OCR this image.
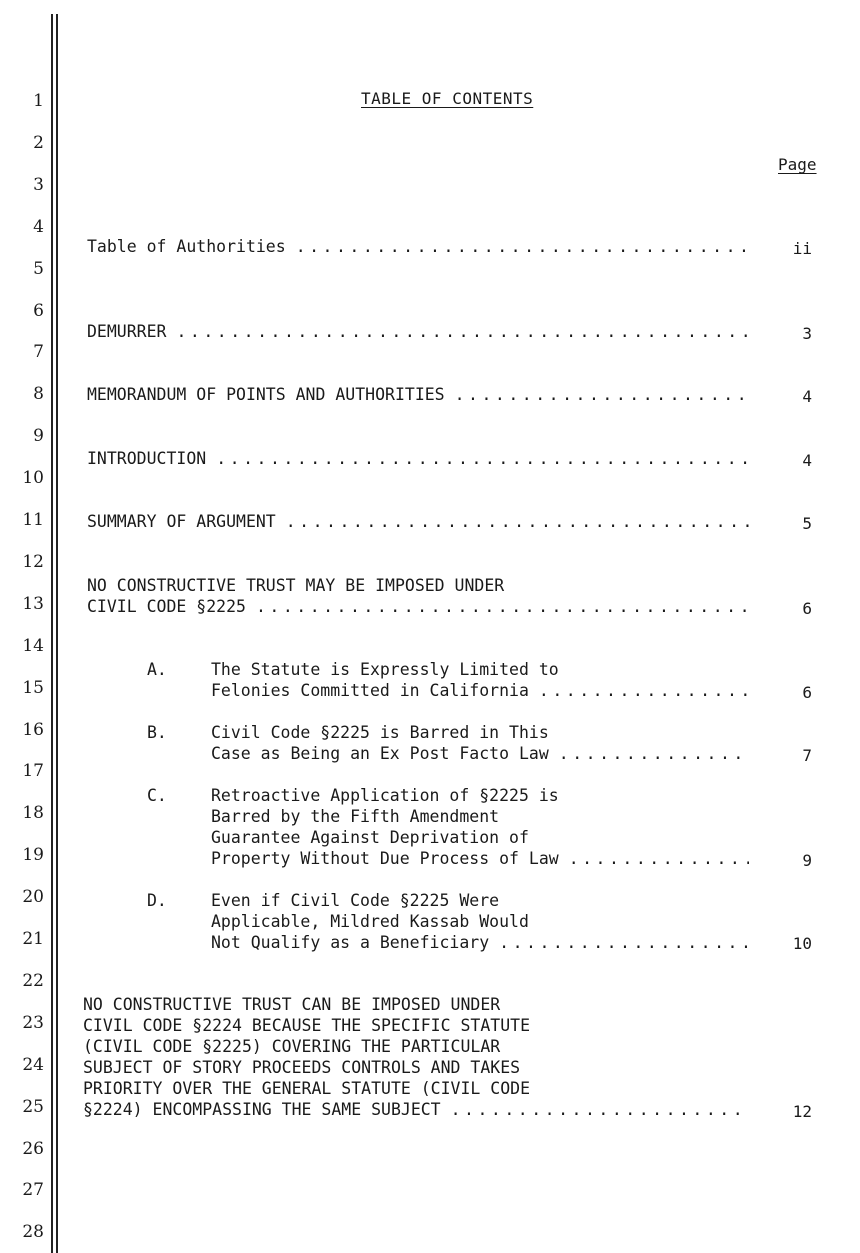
1
2
3
4
5
6
7
8
9
10
11
12
13
14
15
16
17
18
19
20
21
22
23
24
25
26
27
28
TABLE OF CONTENTS
Page
Table of Authorities .....	ii
DEMURRER .....	3
MEMORANDUM OF POINTS AND AUTHORITIES .....	4
INTRODUCTION .....	4
SUMMARY OF ARGUMENT .....	5
NO CONSTRUCTIVE TRUST MAY BE IMPOSED UNDER
CIVIL CODE §2225 .....	6
A.	The Statute is Expressly Limited to
Felonies Committed in California .....	6
B.	Civil Code §2225 is Barred in This
Case as Being an Ex Post Facto Law .....	7
C.	Retroactive Application of §2225 is
Barred by the Fifth Amendment
Guarantee Against Deprivation of
Property Without Due Process of Law .....	9
D.	Even if Civil Code §2225 Were
Applicable, Mildred Kassab Would
Not Qualify as a Beneficiary .....	10
NO CONSTRUCTIVE TRUST CAN BE IMPOSED UNDER
CIVIL CODE §2224 BECAUSE THE SPECIFIC STATUTE
(CIVIL CODE §2225) COVERING THE PARTICULAR
SUBJECT OF STORY PROCEEDS CONTROLS AND TAKES
PRIORITY OVER THE GENERAL STATUTE (CIVIL CODE
§2224) ENCOMPASSING THE SAME SUBJECT .....	12
